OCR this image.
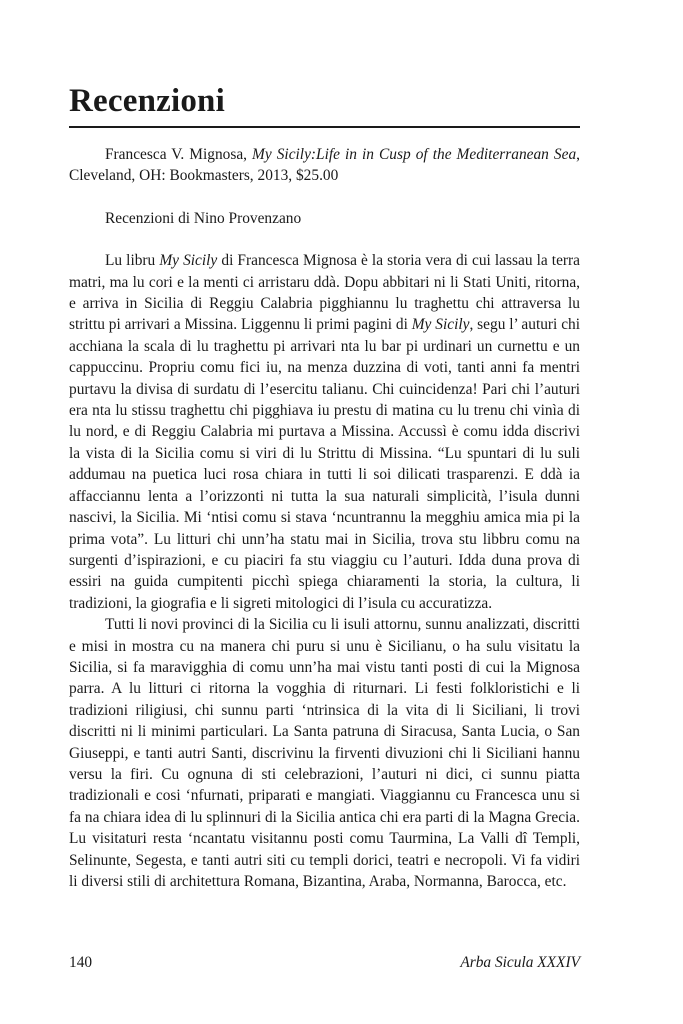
Recenzioni

Francesca V. Mignosa, My Sicily:Life in in Cusp of the Mediterranean Sea, Cleveland, OH: Bookmasters, 2013, $25.00

Recenzioni di Nino Provenzano

Lu libru My Sicily di Francesca Mignosa è la storia vera di cui lassau la terra matri, ma lu cori e la menti ci arristaru ddà. Dopu abbitari ni li Stati Uniti, ritorna, e arriva in Sicilia di Reggiu Calabria pigghiannu lu traghettu chi attraversa lu strittu pi arrivari a Missina. Liggennu li primi pagini di My Sicily, segu l’ auturi chi acchiana la scala di lu traghettu pi arrivari nta lu bar pi urdinari un curnettu e un cappuccinu. Propriu comu fici iu, na menza duzzina di voti, tanti anni fa mentri purtavu la divisa di surdatu di l’esercitu talianu. Chi cuincidenza! Pari chi l’auturi era nta lu stissu traghettu chi pigghiava iu prestu di matina cu lu trenu chi vinìa di lu nord, e di Reggiu Calabria mi purtava a Missina. Accussì è comu idda discrivi la vista di la Sicilia comu si viri di lu Strittu di Missina. “Lu spuntari di lu suli addumau na puetica luci rosa chiara in tutti li soi dilicati trasparenzi. E ddà ia affacciannu lenta a l’orizzonti ni tutta la sua naturali simplicità, l’isula dunni nascivi, la Sicilia. Mi ‘ntisi comu si stava ‘ncuntrannu la megghiu amica mia pi la prima vota”. Lu litturi chi unn’ha statu mai in Sicilia, trova stu libbru comu na surgenti d’ispirazioni, e cu piaciri fa stu viaggiu cu l’auturi. Idda duna prova di essiri na guida cumpitenti picchì spiega chiaramenti la storia, la cultura, li tradizioni, la giografia e li sigreti mitologici di l’isula cu accuratizza.

Tutti li novi provinci di la Sicilia cu li isuli attornu, sunnu analizzati, discritti e misi in mostra cu na manera chi puru si unu è Sicilianu, o ha sulu visitatu la Sicilia, si fa maravigghia di comu unn’ha mai vistu tanti posti di cui la Mignosa parra. A lu litturi ci ritorna la vogghia di riturnari. Li festi folkloristichi e li tradizioni riligiusi, chi sunnu parti ‘ntrinsica di la vita di li Siciliani, li trovi discritti ni li minimi particulari. La Santa patruna di Siracusa, Santa Lucia, o San Giuseppi, e tanti autri Santi, discrivinu la firventi divuzioni chi li Siciliani hannu versu la firi. Cu ognuna di sti celebrazioni, l’auturi ni dici, ci sunnu piatta tradizionali e cosi ‘nfurnati, priparati e mangiati. Viaggiannu cu Francesca unu si fa na chiara idea di lu splinnuri di la Sicilia antica chi era parti di la Magna Grecia. Lu visitaturi resta ‘ncantatu visitannu posti comu Taurmina, La Valli dî Templi, Selinunte, Segesta, e tanti autri siti cu templi dorici, teatri e necropoli. Vi fa vidiri li diversi stili di architettura Romana, Bizantina, Araba, Normanna, Barocca, etc.

140	Arba Sicula XXXIV
